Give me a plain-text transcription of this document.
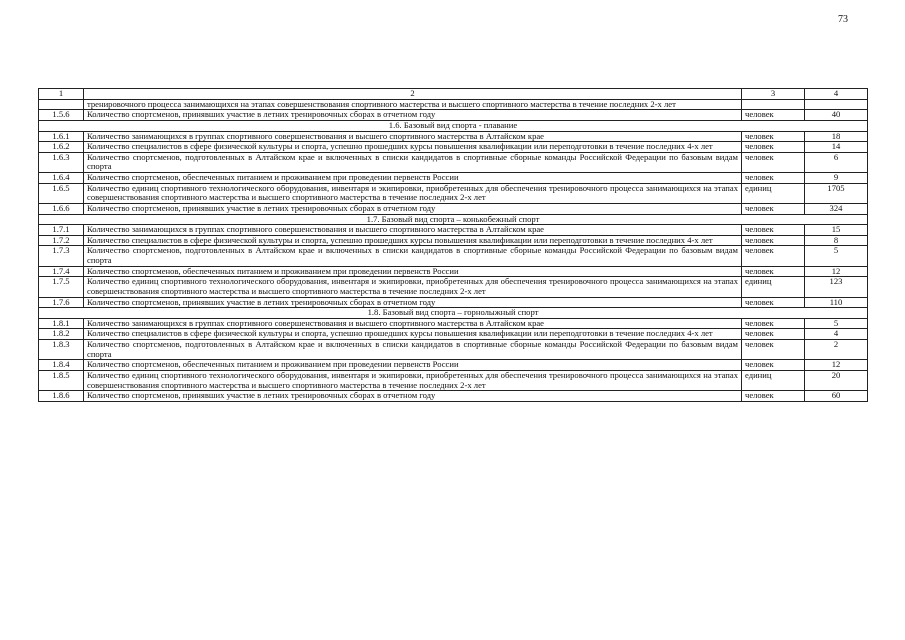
73
1	2	3	4
	тренировочного процесса занимающихся на этапах совершенствования спортивного мастерства и высшего спортивного мастерства в течение последних 2-х лет		
1.5.6	Количество спортсменов, принявших участие в летних тренировочных сборах в отчетном году	человек	40
1.6. Базовый вид спорта - плавание			
1.6.1	Количество занимающихся в группах спортивного совершенствования и высшего спортивного мастерства в Алтайском крае	человек	18
1.6.2	Количество специалистов в сфере физической культуры и спорта, успешно прошедших курсы повышения квалификации или переподготовки в течение последних 4-х лет	человек	14
1.6.3	Количество спортсменов, подготовленных в Алтайском крае и включенных в списки кандидатов в спортивные сборные команды Российской Федерации по базовым видам спорта	человек	6
1.6.4	Количество спортсменов, обеспеченных питанием и проживанием при проведении первенств России	человек	9
1.6.5	Количество единиц спортивного технологического оборудования, инвентаря и экипировки, приобретенных для обеспечения тренировочного процесса занимающихся на этапах совершенствования спортивного мастерства и высшего спортивного мастерства в течение последних 2-х лет	единиц	1705
1.6.6	Количество спортсменов, принявших участие в летних тренировочных сборах в отчетном году	человек	324
1.7. Базовый вид спорта – конькобежный спорт			
1.7.1	Количество занимающихся в группах спортивного совершенствования и высшего спортивного мастерства в Алтайском крае	человек	15
1.7.2	Количество специалистов в сфере физической культуры и спорта, успешно прошедших курсы повышения квалификации или переподготовки в течение последних 4-х лет	человек	8
1.7.3	Количество спортсменов, подготовленных в Алтайском крае и включенных в списки кандидатов в спортивные сборные команды Российской Федерации по базовым видам спорта	человек	5
1.7.4	Количество спортсменов, обеспеченных питанием и проживанием при проведении первенств России	человек	12
1.7.5	Количество единиц спортивного технологического оборудования, инвентаря и экипировки, приобретенных для обеспечения тренировочного процесса занимающихся на этапах совершенствования спортивного мастерства и высшего спортивного мастерства в течение последних 2-х лет	единиц	123
1.7.6	Количество спортсменов, принявших участие в летних тренировочных сборах в отчетном году	человек	110
1.8. Базовый вид спорта – горнолыжный спорт			
1.8.1	Количество занимающихся в группах спортивного совершенствования и высшего спортивного мастерства в Алтайском крае	человек	5
1.8.2	Количество специалистов в сфере физической культуры и спорта, успешно прошедших курсы повышения квалификации или переподготовки в течение последних 4-х лет	человек	4
1.8.3	Количество спортсменов, подготовленных в Алтайском крае и включенных в списки кандидатов в спортивные сборные команды Российской Федерации по базовым видам спорта	человек	2
1.8.4	Количество спортсменов, обеспеченных питанием и проживанием при проведении первенств России	человек	12
1.8.5	Количество единиц спортивного технологического оборудования, инвентаря и экипировки, приобретенных для обеспечения тренировочного процесса занимающихся на этапах совершенствования спортивного мастерства и высшего спортивного мастерства в течение последних 2-х лет	единиц	20
1.8.6	Количество спортсменов, принявших участие в летних тренировочных сборах в отчетном году	человек	60
